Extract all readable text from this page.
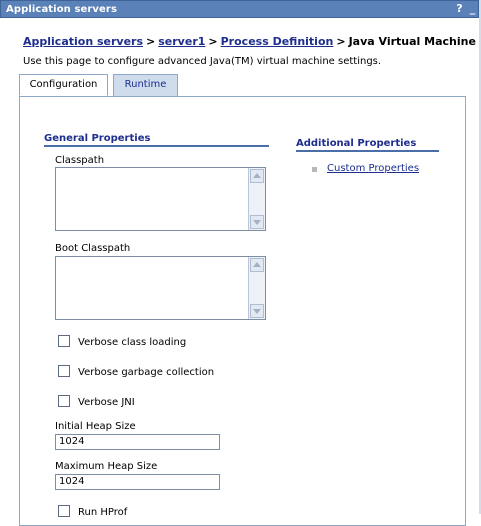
Application servers	? _
Application servers > server1 > Process Definition > Java Virtual Machine
Use this page to configure advanced Java(TM) virtual machine settings.
Configuration	Runtime
General Properties	Additional Properties
Custom Properties
Classpath
Boot Classpath
Verbose class loading
Verbose garbage collection
Verbose JNI
Initial Heap Size
1024
Maximum Heap Size
1024
Run HProf
